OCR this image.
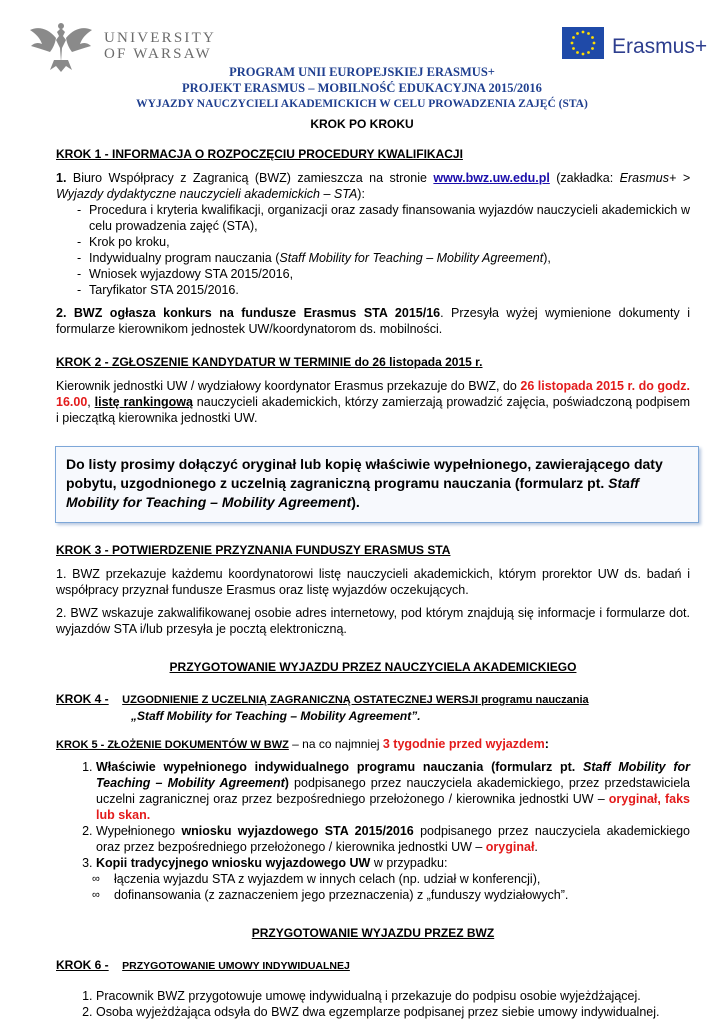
UNIVERSITY
OF WARSAW	Erasmus+
PROGRAM UNII EUROPEJSKIEJ ERASMUS+
PROJEKT ERASMUS – MOBILNOŚĆ EDUKACYJNA 2015/2016
WYJAZDY NAUCZYCIELI AKADEMICKICH W CELU PROWADZENIA ZAJĘĆ (STA)
KROK PO KROKU
KROK 1 - INFORMACJA O ROZPOCZĘCIU PROCEDURY KWALIFIKACJI

1. Biuro Współpracy z Zagranicą (BWZ) zamieszcza na stronie www.bwz.uw.edu.pl (zakładka: Erasmus+ > Wyjazdy dydaktyczne nauczycieli akademickich – STA):

- Procedura i kryteria kwalifikacji, organizacji oraz zasady finansowania wyjazdów nauczycieli akademickich w celu prowadzenia zajęć (STA),
- Krok po kroku,
- Indywidualny program nauczania (Staff Mobility for Teaching – Mobility Agreement),
- Wniosek wyjazdowy STA 2015/2016,
- Taryfikator STA 2015/2016.

2. BWZ ogłasza konkurs na fundusze Erasmus STA 2015/16. Przesyła wyżej wymienione dokumenty i formularze kierownikom jednostek UW/koordynatorom ds. mobilności.

KROK 2 - ZGŁOSZENIE KANDYDATUR W TERMINIE do 26 listopada 2015 r.

Kierownik jednostki UW / wydziałowy koordynator Erasmus przekazuje do BWZ, do 26 listopada 2015 r. do godz. 16.00, listę rankingową nauczycieli akademickich, którzy zamierzają prowadzić zajęcia, poświadczoną podpisem i pieczątką kierownika jednostki UW.

Do listy prosimy dołączyć oryginał lub kopię właściwie wypełnionego, zawierającego daty pobytu, uzgodnionego z uczelnią zagraniczną programu nauczania (formularz pt. Staff Mobility for Teaching – Mobility Agreement).
KROK 3 - POTWIERDZENIE PRZYZNANIA FUNDUSZY ERASMUS STA

1. BWZ przekazuje każdemu koordynatorowi listę nauczycieli akademickich, którym prorektor UW ds. badań i współpracy przyznał fundusze Erasmus oraz listę wyjazdów oczekujących.

2. BWZ wskazuje zakwalifikowanej osobie adres internetowy, pod którym znajdują się informacje i formularze dot. wyjazdów STA i/lub przesyła je pocztą elektroniczną.

PRZYGOTOWANIE WYJAZDU PRZEZ NAUCZYCIELA AKADEMICKIEGO
KROK 4 - UZGODNIENIE Z UCZELNIĄ ZAGRANICZNĄ OSTATECZNEJ WERSJI programu nauczania
„Staff Mobility for Teaching – Mobility Agreement”.
KROK 5 - ZŁOŻENIE DOKUMENTÓW W BWZ – na co najmniej 3 tygodnie przed wyjazdem:
1. Właściwie wypełnionego indywidualnego programu nauczania (formularz pt. Staff Mobility for Teaching – Mobility Agreement) podpisanego przez nauczyciela akademickiego, przez przedstawiciela uczelni zagranicznej oraz przez bezpośredniego przełożonego / kierownika jednostki UW – oryginał, faks lub skan.
2. Wypełnionego wniosku wyjazdowego STA 2015/2016 podpisanego przez nauczyciela akademickiego oraz przez bezpośredniego przełożonego / kierownika jednostki UW – oryginał.
3. Kopii tradycyjnego wniosku wyjazdowego UW w przypadku:
∞ łączenia wyjazdu STA z wyjazdem w innych celach (np. udział w konferencji),
∞ dofinansowania (z zaznaczeniem jego przeznaczenia) z „funduszy wydziałowych”.
PRZYGOTOWANIE WYJAZDU PRZEZ BWZ
KROK 6 - PRZYGOTOWANIE UMOWY INDYWIDUALNEJ
1. Pracownik BWZ przygotowuje umowę indywidualną i przekazuje do podpisu osobie wyjeżdżającej.
2. Osoba wyjeżdżająca odsyła do BWZ dwa egzemplarze podpisanej przez siebie umowy indywidualnej.
